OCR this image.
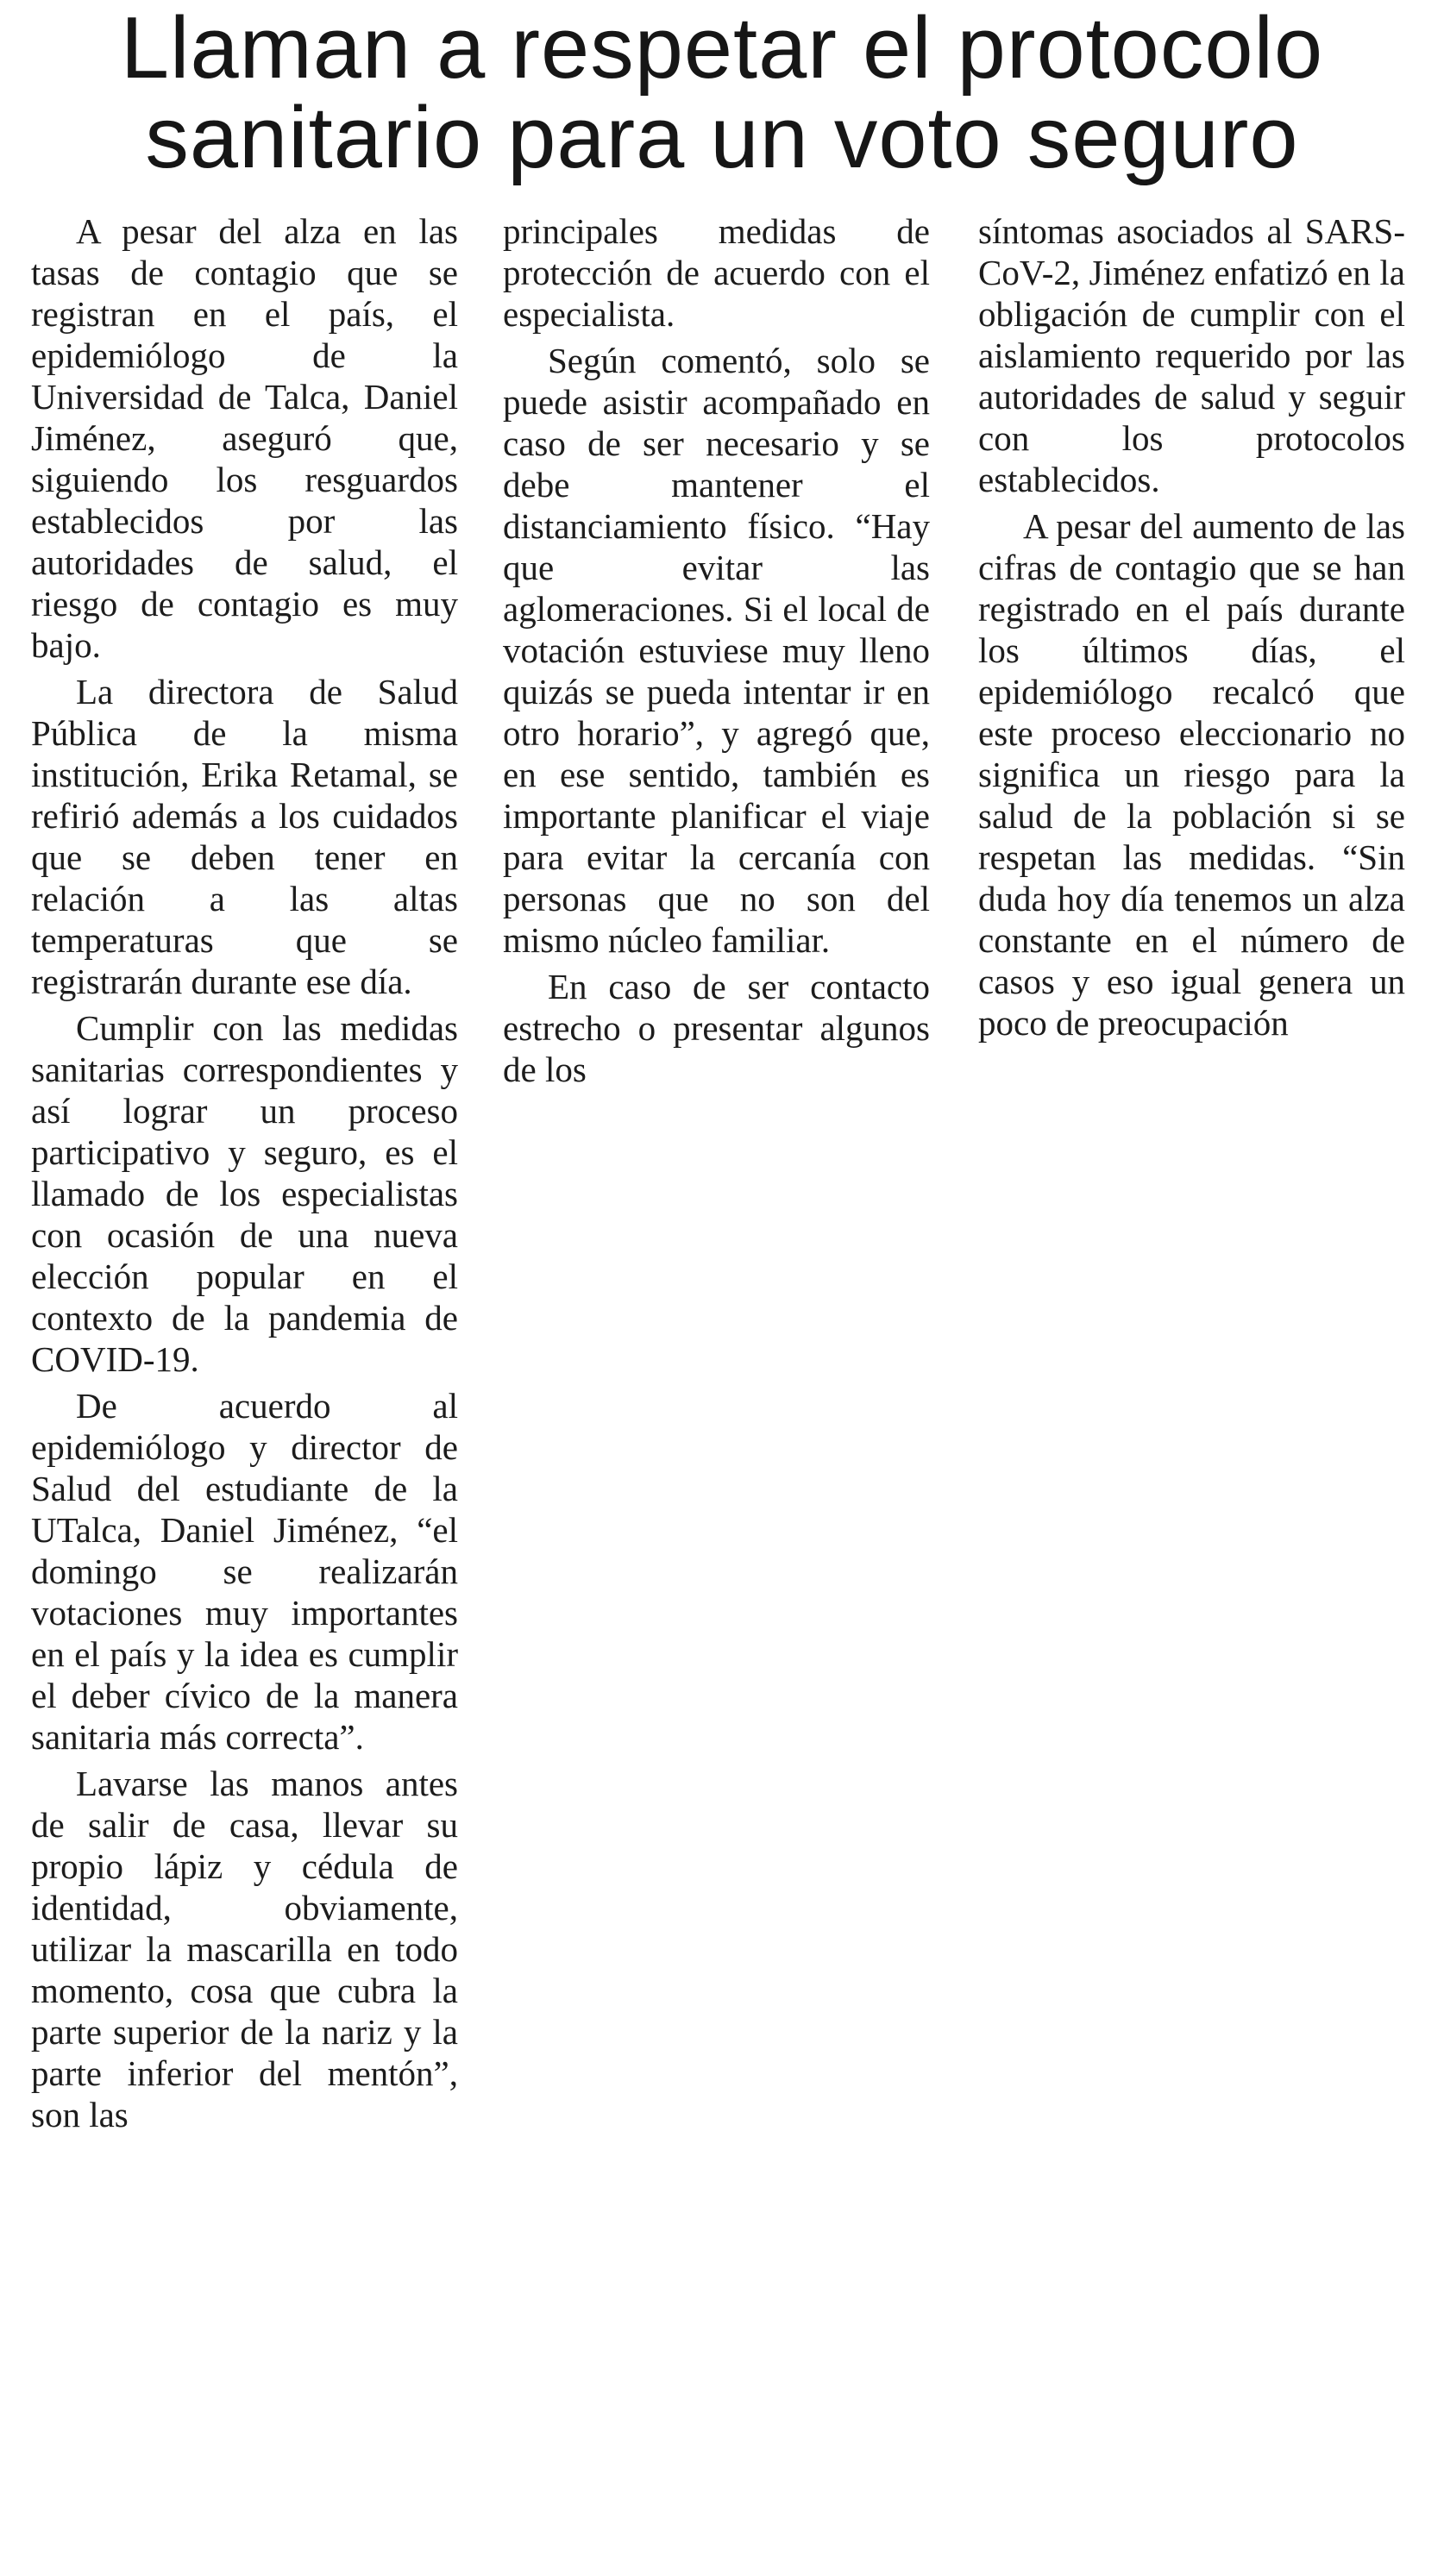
Llaman a respetar el protocolo
sanitario para un voto seguro

A pesar del alza en las tasas de contagio que se registran en el país, el epidemiólogo de la Universidad de Talca, Daniel Jiménez, aseguró que, siguiendo los resguardos establecidos por las autoridades de salud, el riesgo de contagio es muy bajo.

La directora de Salud Pública de la misma institución, Erika Retamal, se refirió además a los cuidados que se deben tener en relación a las altas temperaturas que se registrarán durante ese día.

Cumplir con las medidas sanitarias correspondientes y así lograr un proceso participativo y seguro, es el llamado de los especialistas con ocasión de una nueva elección popular en el contexto de la pandemia de COVID-19.

De acuerdo al epidemiólogo y director de Salud del estudiante de la UTalca, Daniel Jiménez, “el domingo se realizarán votaciones muy importantes en el país y la idea es cumplir el deber cívico de la manera sanitaria más correcta”.

Lavarse las manos antes de salir de casa, llevar su propio lápiz y cédula de identidad, obviamente, utilizar la mascarilla en todo momento, cosa que cubra la parte superior de la nariz y la parte inferior del mentón”, son las

principales medidas de protección de acuerdo con el especialista.

Según comentó, solo se puede asistir acompañado en caso de ser necesario y se debe mantener el distanciamiento físico. “Hay que evitar las aglomeraciones. Si el local de votación estuviese muy lleno quizás se pueda intentar ir en otro horario”, y agregó que, en ese sentido, también es importante planificar el viaje para evitar la cercanía con personas que no son del mismo núcleo familiar.

En caso de ser contacto estrecho o presentar algunos de los

síntomas asociados al SARS-CoV-2, Jiménez enfatizó en la obligación de cumplir con el aislamiento requerido por las autoridades de salud y seguir con los protocolos establecidos.

A pesar del aumento de las cifras de contagio que se han registrado en el país durante los últimos días, el epidemiólogo recalcó que este proceso eleccionario no significa un riesgo para la salud de la población si se respetan las medidas. “Sin duda hoy día tenemos un alza constante en el número de casos y eso igual genera un poco de preocupación
